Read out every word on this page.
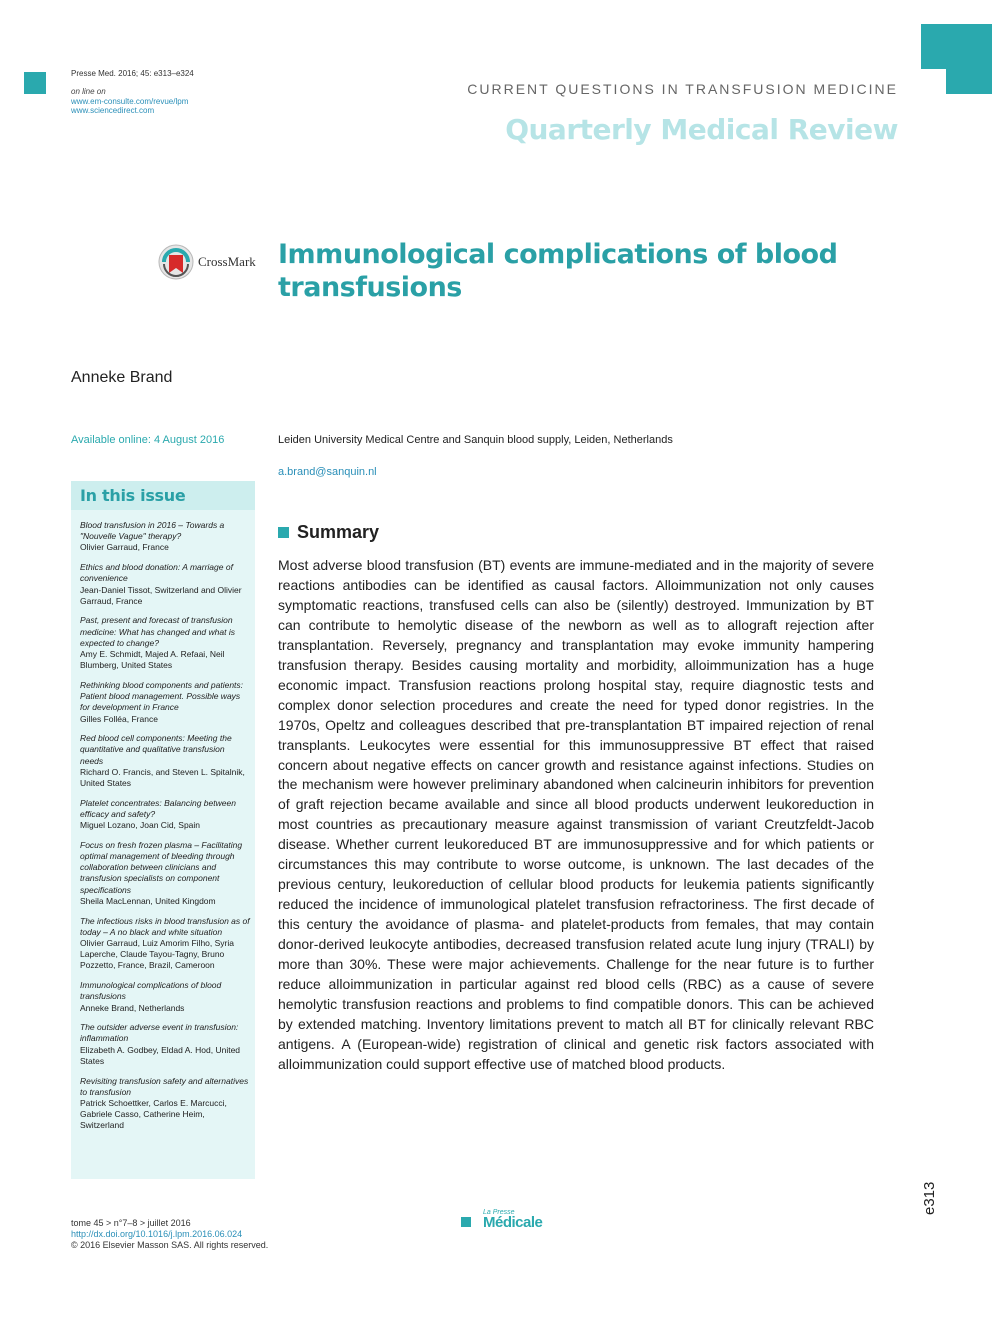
Presse Med. 2016; 45: e313–e324
on line on
www.em-consulte.com/revue/lpm
www.sciencedirect.com
CURRENT QUESTIONS IN TRANSFUSION MEDICINE
Quarterly Medical Review
CrossMark Immunological complications of blood transfusions
Anneke Brand
Available online: 4 August 2016	Leiden University Medical Centre and Sanquin blood supply, Leiden, Netherlands
a.brand@sanquin.nl
In this issue
Blood transfusion in 2016 – Towards a "Nouvelle Vague" therapy?
Olivier Garraud, France
Ethics and blood donation: A marriage of convenience
Jean-Daniel Tissot, Switzerland and Olivier Garraud, France
Past, present and forecast of transfusion medicine: What has changed and what is expected to change?
Amy E. Schmidt, Majed A. Refaai, Neil Blumberg, United States
Rethinking blood components and patients: Patient blood management. Possible ways for development in France
Gilles Folléa, France
Red blood cell components: Meeting the quantitative and qualitative transfusion needs
Richard O. Francis, and Steven L. Spitalnik, United States
Platelet concentrates: Balancing between efficacy and safety?
Miguel Lozano, Joan Cid, Spain
Focus on fresh frozen plasma – Facilitating optimal management of bleeding through collaboration between clinicians and transfusion specialists on component specifications
Sheila MacLennan, United Kingdom
The infectious risks in blood transfusion as of today – A no black and white situation
Olivier Garraud, Luiz Amorim Filho, Syria Laperche, Claude Tayou-Tagny, Bruno Pozzetto, France, Brazil, Cameroon
Immunological complications of blood transfusions
Anneke Brand, Netherlands
The outsider adverse event in transfusion: inflammation
Elizabeth A. Godbey, Eldad A. Hod, United States
Revisiting transfusion safety and alternatives to transfusion
Patrick Schoettker, Carlos E. Marcucci, Gabriele Casso, Catherine Heim, Switzerland
Summary

Most adverse blood transfusion (BT) events are immune-mediated and in the majority of severe reactions antibodies can be identified as causal factors. Alloimmunization not only causes symptomatic reactions, transfused cells can also be (silently) destroyed. Immunization by BT can contribute to hemolytic disease of the newborn as well as to allograft rejection after transplantation. Reversely, pregnancy and transplantation may evoke immunity hampering transfusion therapy. Besides causing mortality and morbidity, alloimmunization has a huge economic impact. Transfusion reactions prolong hospital stay, require diagnostic tests and complex donor selection procedures and create the need for typed donor registries. In the 1970s, Opeltz and colleagues described that pre-transplantation BT impaired rejection of renal transplants. Leukocytes were essential for this immunosuppressive BT effect that raised concern about negative effects on cancer growth and resistance against infections. Studies on the mechanism were however preliminary abandoned when calcineurin inhibitors for prevention of graft rejection became available and since all blood products underwent leukoreduction in most countries as precautionary measure against transmission of variant Creutzfeldt-Jacob disease. Whether current leukoreduced BT are immunosuppressive and for which patients or circumstances this may contribute to worse outcome, is unknown. The last decades of the previous century, leukoreduction of cellular blood products for leukemia patients significantly reduced the incidence of immunological platelet transfusion refractoriness. The first decade of this century the avoidance of plasma- and platelet-products from females, that may contain donor-derived leukocyte antibodies, decreased transfusion related acute lung injury (TRALI) by more than 30%. These were major achievements. Challenge for the near future is to further reduce alloimmunization in particular against red blood cells (RBC) as a cause of severe hemolytic transfusion reactions and problems to find compatible donors. This can be achieved by extended matching. Inventory limitations prevent to match all BT for clinically relevant RBC antigens. A (European-wide) registration of clinical and genetic risk factors associated with alloimmunization could support effective use of matched blood products.

tome 45 > n°7–8 > juillet 2016
http://dx.doi.org/10.1016/j.lpm.2016.06.024
© 2016 Elsevier Masson SAS. All rights reserved.
La Presse
Médicale
e313
